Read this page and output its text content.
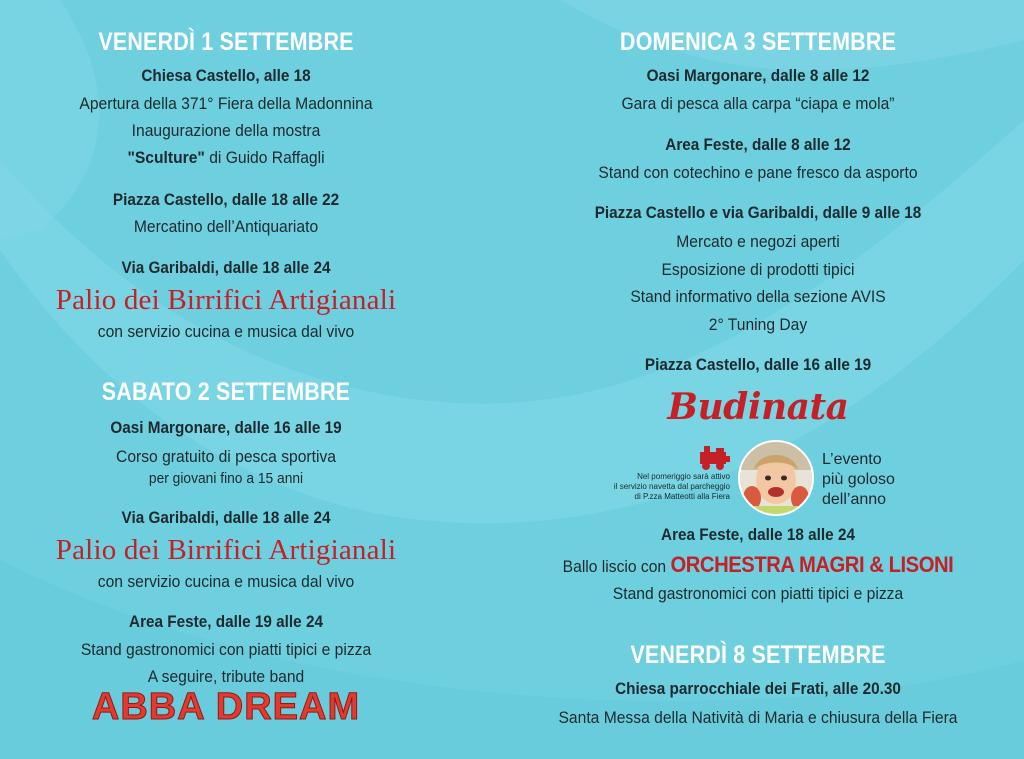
VENERDÌ 1 SETTEMBRE
Chiesa Castello, alle 18
Apertura della 371° Fiera della Madonnina
Inaugurazione della mostra
"Sculture" di Guido Raffagli
Piazza Castello, dalle 18 alle 22
Mercatino dell’Antiquariato
Via Garibaldi, dalle 18 alle 24
Palio dei Birrifici Artigianali
con servizio cucina e musica dal vivo
SABATO 2 SETTEMBRE
Oasi Margonare, dalle 16 alle 19
Corso gratuito di pesca sportiva
per giovani fino a 15 anni
Via Garibaldi, dalle 18 alle 24
Palio dei Birrifici Artigianali
con servizio cucina e musica dal vivo
Area Feste, dalle 19 alle 24
Stand gastronomici con piatti tipici e pizza
A seguire, tribute band
ABBA DREAM
DOMENICA 3 SETTEMBRE
Oasi Margonare, dalle 8 alle 12
Gara di pesca alla carpa “ciapa e mola”
Area Feste, dalle 8 alle 12
Stand con cotechino e pane fresco da asporto
Piazza Castello e via Garibaldi, dalle 9 alle 18
Mercato e negozi aperti
Esposizione di prodotti tipici
Stand informativo della sezione AVIS
2° Tuning Day
Piazza Castello, dalle 16 alle 19
Budinata
Area Feste, dalle 18 alle 24
Ballo liscio con ORCHESTRA MAGRI & LISONI
Stand gastronomici con piatti tipici e pizza
VENERDÌ 8 SETTEMBRE
Chiesa parrocchiale dei Frati, alle 20.30
Santa Messa della Natività di Maria e chiusura della Fiera
Nel pomeriggio sarà attivo
il servizio navetta dal parcheggio
di P.zza Matteotti alla Fiera
L’evento
più goloso
dell’anno
